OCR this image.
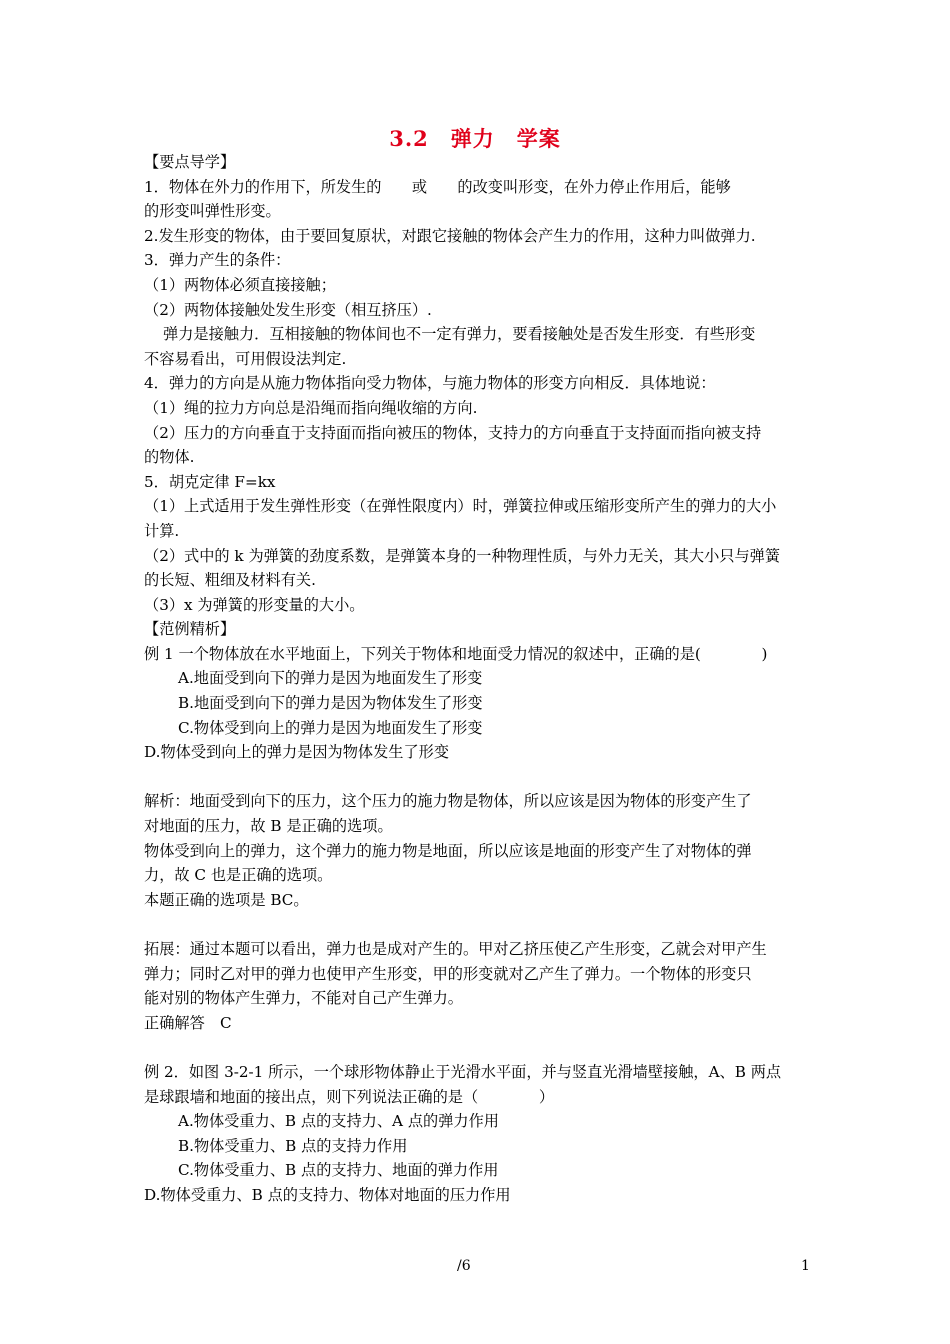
3.2　弹力　学案

【要点导学】

1．物体在外力的作用下，所发生的　　或　　的改变叫形变，在外力停止作用后，能够

的形变叫弹性形变。

2.发生形变的物体，由于要回复原状，对跟它接触的物体会产生力的作用，这种力叫做弹力.

3．弹力产生的条件：

（1）两物体必须直接接触；

（2）两物体接触处发生形变（相互挤压）.

弹力是接触力．互相接触的物体间也不一定有弹力，要看接触处是否发生形变．有些形变

不容易看出，可用假设法判定.

4．弹力的方向是从施力物体指向受力物体，与施力物体的形变方向相反．具体地说：

（1）绳的拉力方向总是沿绳而指向绳收缩的方向.

（2）压力的方向垂直于支持面而指向被压的物体，支持力的方向垂直于支持面而指向被支持

的物体.

5．胡克定律 F=kx

（1）上式适用于发生弹性形变（在弹性限度内）时，弹簧拉伸或压缩形变所产生的弹力的大小

计算.

（2）式中的 k 为弹簧的劲度系数，是弹簧本身的一种物理性质，与外力无关，其大小只与弹簧

的长短、粗细及材料有关.

（3）x 为弹簧的形变量的大小。

【范例精析】

例 1 一个物体放在水平地面上，下列关于物体和地面受力情况的叙述中，正确的是(　　　　)

A.地面受到向下的弹力是因为地面发生了形变

B.地面受到向下的弹力是因为物体发生了形变

C.物体受到向上的弹力是因为地面发生了形变

D.物体受到向上的弹力是因为物体发生了形变

解析：地面受到向下的压力，这个压力的施力物是物体，所以应该是因为物体的形变产生了

对地面的压力，故 B 是正确的选项。

物体受到向上的弹力，这个弹力的施力物是地面，所以应该是地面的形变产生了对物体的弹

力，故 C 也是正确的选项。

本题正确的选项是 BC。

拓展：通过本题可以看出，弹力也是成对产生的。甲对乙挤压使乙产生形变，乙就会对甲产生

弹力；同时乙对甲的弹力也使甲产生形变，甲的形变就对乙产生了弹力。一个物体的形变只

能对别的物体产生弹力，不能对自己产生弹力。

正确解答　C

例 2．如图 3-2-1 所示，一个球形物体静止于光滑水平面，并与竖直光滑墙壁接触，A、B 两点

是球跟墙和地面的接出点，则下列说法正确的是（　　　　）

A.物体受重力、B 点的支持力、A 点的弹力作用

B.物体受重力、B 点的支持力作用

C.物体受重力、B 点的支持力、地面的弹力作用

D.物体受重力、B 点的支持力、物体对地面的压力作用

/6	1
